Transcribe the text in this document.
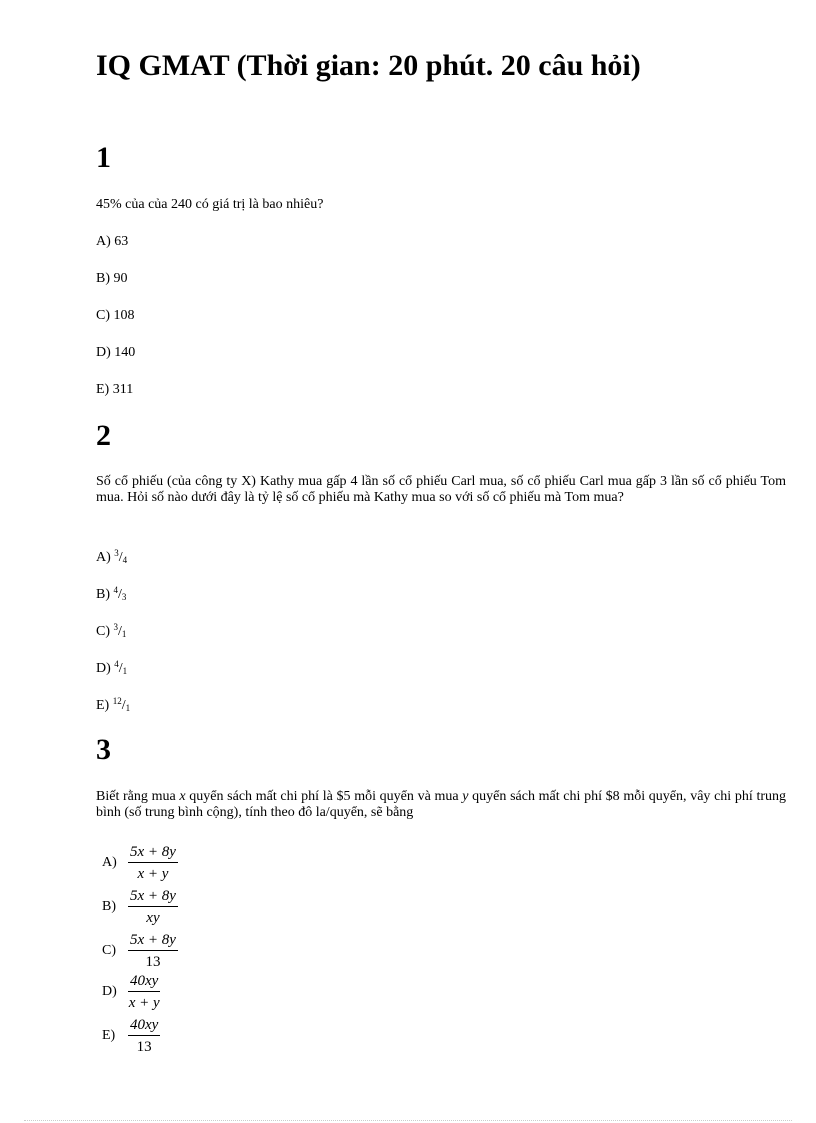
IQ GMAT (Thời gian: 20 phút. 20 câu hỏi)
1

45% của của 240 có giá trị là bao nhiêu?

A) 63

B) 90

C) 108

D) 140

E) 311

2

Số cổ phiếu (của công ty X) Kathy mua gấp 4 lần số cổ phiếu Carl mua, số cổ phiếu Carl mua gấp 3 lần số cổ phiếu Tom mua. Hỏi số nào dưới đây là tỷ lệ số cổ phiếu mà Kathy mua so với số cổ phiếu mà Tom mua?

A) $^3/_4$

B) $^4/_3$

C) $^3/_1$

D) $^4/_1$

E) $^{12}/_1$

3

Biết rằng mua x quyển sách mất chi phí là $5 mỗi quyển và mua y quyển sách mất chi phí $8 mỗi quyển, vây chi phí trung bình (số trung bình cộng), tính theo đô la/quyển, sẽ bằng

$A) \frac{5x + 8y}{x + y}$
$B) \frac{5x + 8y}{xy}$
$C) \frac{5x + 8y}{13}$
$D) \frac{40xy}{x + y}$
$E) \frac{40xy}{13}$
